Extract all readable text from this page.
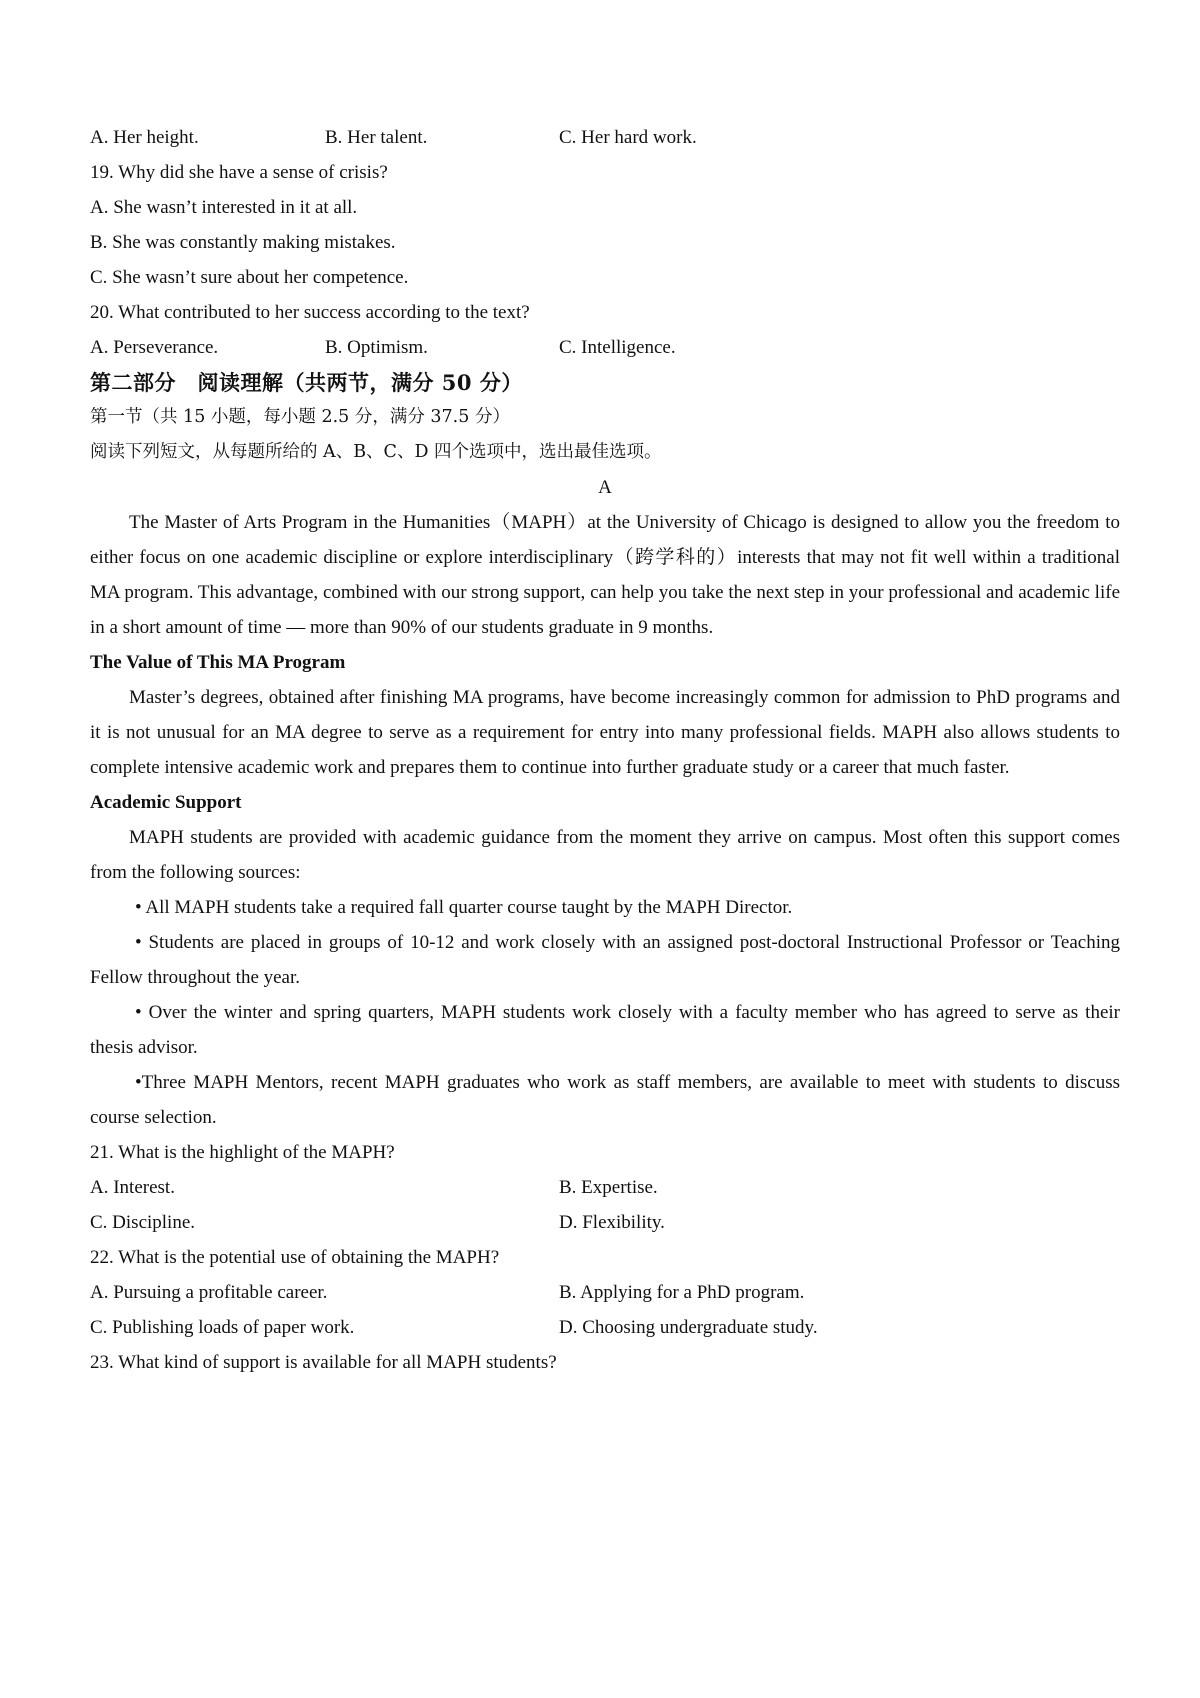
A. Her height.	B. Her talent.	C. Her hard work.
19. Why did she have a sense of crisis?
A. She wasn’t interested in it at all.
B. She was constantly making mistakes.
C. She wasn’t sure about her competence.
20. What contributed to her success according to the text?
A. Perseverance.	B. Optimism.	C. Intelligence.
第二部分　阅读理解（共两节，满分 50 分）
第一节（共 15 小题，每小题 2.5 分，满分 37.5 分）
阅读下列短文，从每题所给的 A、B、C、D 四个选项中，选出最佳选项。
A
The Master of Arts Program in the Humanities（MAPH）at the University of Chicago is designed to allow you the freedom to either focus on one academic discipline or explore interdisciplinary（跨学科的）interests that may not fit well within a traditional MA program. This advantage, combined with our strong support, can help you take the next step in your professional and academic life in a short amount of time — more than 90% of our students graduate in 9 months.
The Value of This MA Program
Master’s degrees, obtained after finishing MA programs, have become increasingly common for admission to PhD programs and it is not unusual for an MA degree to serve as a requirement for entry into many professional fields. MAPH also allows students to complete intensive academic work and prepares them to continue into further graduate study or a career that much faster.
Academic Support
MAPH students are provided with academic guidance from the moment they arrive on campus. Most often this support comes from the following sources:
• All MAPH students take a required fall quarter course taught by the MAPH Director.
• Students are placed in groups of 10-12 and work closely with an assigned post-doctoral Instructional Professor or Teaching Fellow throughout the year.
• Over the winter and spring quarters, MAPH students work closely with a faculty member who has agreed to serve as their thesis advisor.
•Three MAPH Mentors, recent MAPH graduates who work as staff members, are available to meet with students to discuss course selection.
21. What is the highlight of the MAPH?
A. Interest.	B. Expertise.
C. Discipline.	D. Flexibility.
22. What is the potential use of obtaining the MAPH?
A. Pursuing a profitable career.	B. Applying for a PhD program.
C. Publishing loads of paper work.	D. Choosing undergraduate study.
23. What kind of support is available for all MAPH students?
